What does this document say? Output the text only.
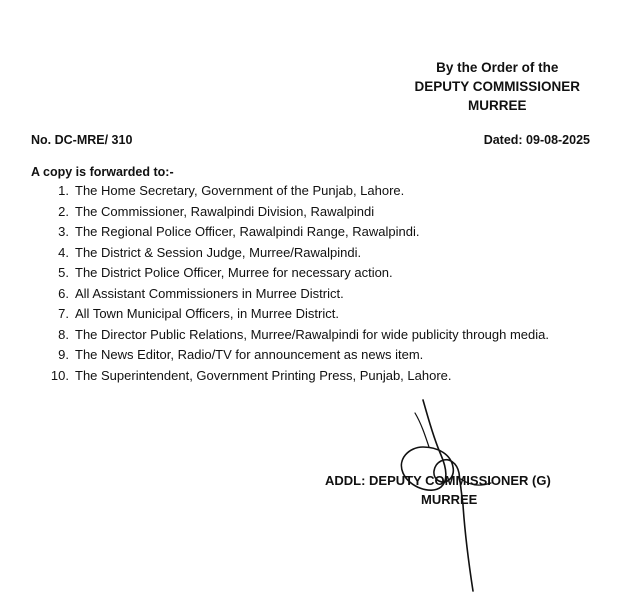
By the Order of the
DEPUTY COMMISSIONER
MURREE
No. DC-MRE/ 310	Dated: 09-08-2025
A copy is forwarded to:-
1. The Home Secretary, Government of the Punjab, Lahore.
2. The Commissioner, Rawalpindi Division, Rawalpindi
3. The Regional Police Officer, Rawalpindi Range, Rawalpindi.
4. The District & Session Judge, Murree/Rawalpindi.
5. The District Police Officer, Murree for necessary action.
6. All Assistant Commissioners in Murree District.
7. All Town Municipal Officers, in Murree District.
8. The Director Public Relations, Murree/Rawalpindi for wide publicity through media.
9. The News Editor, Radio/TV for announcement as news item.
10. The Superintendent, Government Printing Press, Punjab, Lahore.
ADDL: DEPUTY COMMISSIONER (G)
MURREE
